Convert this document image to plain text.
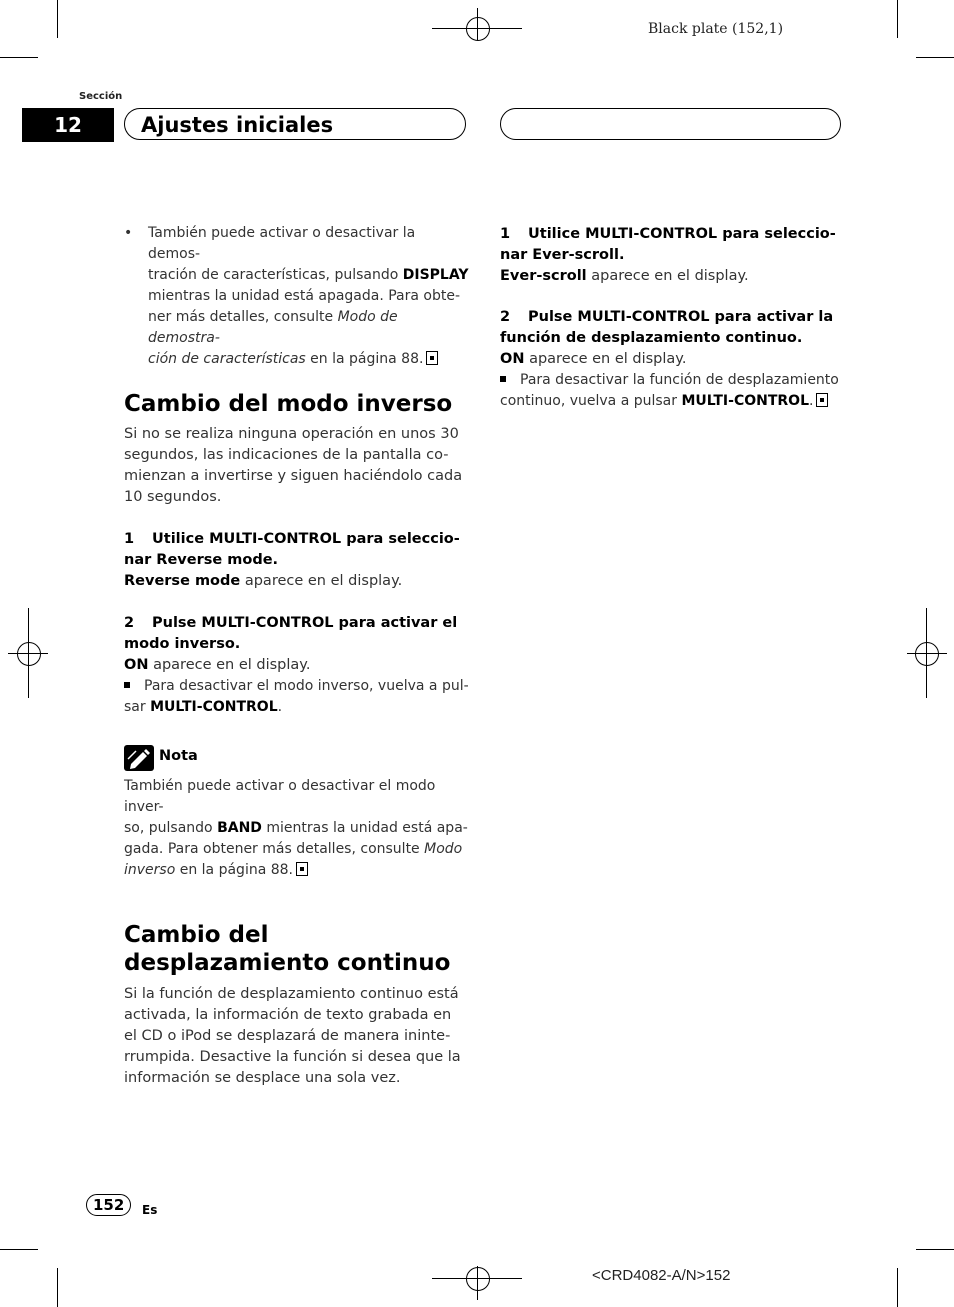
Black plate (152,1)
Sección
12	Ajustes iniciales
• También puede activar o desactivar la demos-
tración de características, pulsando DISPLAY
mientras la unidad está apagada. Para obte-
ner más detalles, consulte Modo de demostra-
ción de características en la página 88.
Cambio del modo inverso
Si no se realiza ninguna operación en unos 30
segundos, las indicaciones de la pantalla co-
mienzan a invertirse y siguen haciéndolo cada
10 segundos.
1 Utilice MULTI-CONTROL para seleccio-
nar Reverse mode.
Reverse mode aparece en el display.
2 Pulse MULTI-CONTROL para activar el
modo inverso.
ON aparece en el display.
Para desactivar el modo inverso, vuelva a pul-
sar MULTI-CONTROL.
Nota
También puede activar o desactivar el modo inver-
so, pulsando BAND mientras la unidad está apa-
gada. Para obtener más detalles, consulte Modo
inverso en la página 88.
Cambio del
desplazamiento continuo
Si la función de desplazamiento continuo está
activada, la información de texto grabada en
el CD o iPod se desplazará de manera ininte-
rrumpida. Desactive la función si desea que la
información se desplace una sola vez.
1 Utilice MULTI-CONTROL para seleccio-
nar Ever-scroll.
Ever-scroll aparece en el display.
2 Pulse MULTI-CONTROL para activar la
función de desplazamiento continuo.
ON aparece en el display.
Para desactivar la función de desplazamiento
continuo, vuelva a pulsar MULTI-CONTROL.
152	Es
<CRD4082-A/N>152
